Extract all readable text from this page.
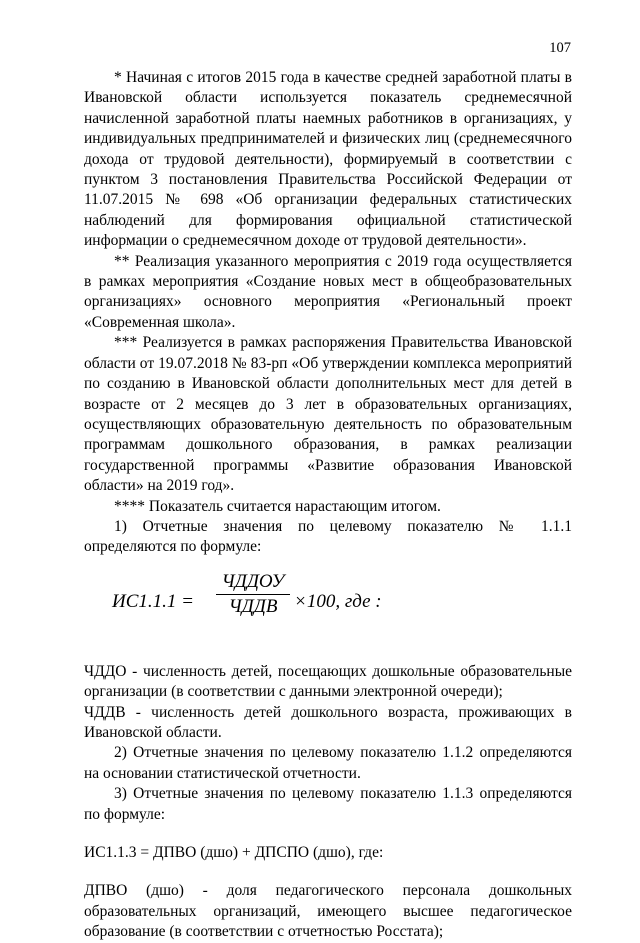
107

* Начиная с итогов 2015 года в качестве средней заработной платы в Ивановской области используется показатель среднемесячной начисленной заработной платы наемных работников в организациях, у индивидуальных предпринимателей и физических лиц (среднемесячного дохода от трудовой деятельности), формируемый в соответствии с пунктом 3 постановления Правительства Российской Федерации от 11.07.2015 № 698 «Об организации федеральных статистических наблюдений для формирования официальной статистической информации о среднемесячном доходе от трудовой деятельности».

** Реализация указанного мероприятия с 2019 года осуществляется в рамках мероприятия «Создание новых мест в общеобразовательных организациях» основного мероприятия «Региональный проект «Современная школа».

*** Реализуется в рамках распоряжения Правительства Ивановской области от 19.07.2018 № 83-рп «Об утверждении комплекса мероприятий по созданию в Ивановской области дополнительных мест для детей в возрасте от 2 месяцев до 3 лет в образовательных организациях, осуществляющих образовательную деятельность по образовательным программам дошкольного образования, в рамках реализации государственной программы «Развитие образования Ивановской области» на 2019 год».

**** Показатель считается нарастающим итогом.

1) Отчетные значения по целевому показателю № 1.1.1 определяются по формуле:

ИС1.1.1 =
ЧДДОУ
ЧДДВ ×100, где :

ЧДДО - численность детей, посещающих дошкольные образовательные организации (в соответствии с данными электронной очереди);

ЧДДВ - численность детей дошкольного возраста, проживающих в Ивановской области.

2) Отчетные значения по целевому показателю 1.1.2 определяются на основании статистической отчетности.

3) Отчетные значения по целевому показателю 1.1.3 определяются по формуле:

ИС1.1.3 = ДПВО (дшо) + ДПСПО (дшо), где:

ДПВО (дшо) - доля педагогического персонала дошкольных образовательных организаций, имеющего высшее педагогическое образование (в соответствии с отчетностью Росстата);
